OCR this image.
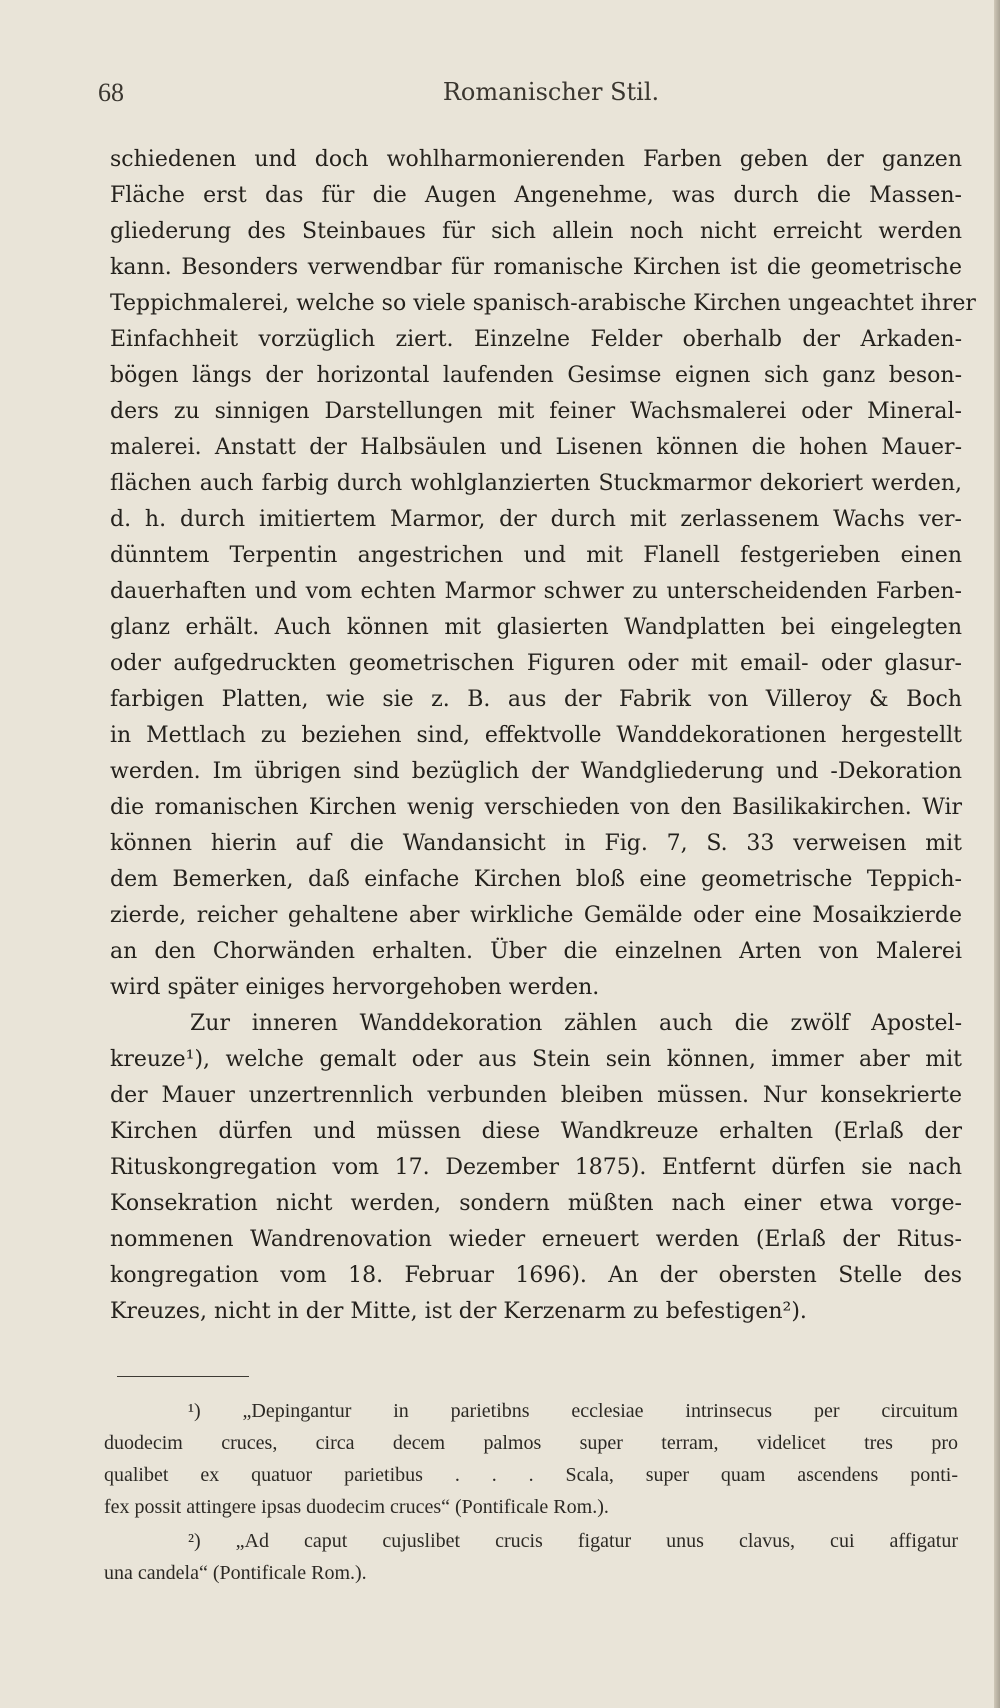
68	Romanischer Stil.
schiedenen und doch wohlharmonierenden Farben geben der ganzen
Fläche erst das für die Augen Angenehme, was durch die Massen-
gliederung des Steinbaues für sich allein noch nicht erreicht werden
kann. Besonders verwendbar für romanische Kirchen ist die geometrische
Teppichmalerei, welche so viele spanisch-arabische Kirchen ungeachtet ihrer
Einfachheit vorzüglich ziert. Einzelne Felder oberhalb der Arkaden-
bögen längs der horizontal laufenden Gesimse eignen sich ganz beson-
ders zu sinnigen Darstellungen mit feiner Wachsmalerei oder Mineral-
malerei. Anstatt der Halbsäulen und Lisenen können die hohen Mauer-
flächen auch farbig durch wohlglanzierten Stuckmarmor dekoriert werden,
d. h. durch imitiertem Marmor, der durch mit zerlassenem Wachs ver-
dünntem Terpentin angestrichen und mit Flanell festgerieben einen
dauerhaften und vom echten Marmor schwer zu unterscheidenden Farben-
glanz erhält. Auch können mit glasierten Wandplatten bei eingelegten
oder aufgedruckten geometrischen Figuren oder mit email- oder glasur-
farbigen Platten, wie sie z. B. aus der Fabrik von Villeroy & Boch
in Mettlach zu beziehen sind, effektvolle Wanddekorationen hergestellt
werden. Im übrigen sind bezüglich der Wandgliederung und -Dekoration
die romanischen Kirchen wenig verschieden von den Basilikakirchen. Wir
können hierin auf die Wandansicht in Fig. 7, S. 33 verweisen mit
dem Bemerken, daß einfache Kirchen bloß eine geometrische Teppich-
zierde, reicher gehaltene aber wirkliche Gemälde oder eine Mosaikzierde
an den Chorwänden erhalten. Über die einzelnen Arten von Malerei
wird später einiges hervorgehoben werden.
Zur inneren Wanddekoration zählen auch die zwölf Apostel-
kreuze¹), welche gemalt oder aus Stein sein können, immer aber mit
der Mauer unzertrennlich verbunden bleiben müssen. Nur konsekrierte
Kirchen dürfen und müssen diese Wandkreuze erhalten (Erlaß der
Rituskongregation vom 17. Dezember 1875). Entfernt dürfen sie nach
Konsekration nicht werden, sondern müßten nach einer etwa vorge-
nommenen Wandrenovation wieder erneuert werden (Erlaß der Ritus-
kongregation vom 18. Februar 1696). An der obersten Stelle des
Kreuzes, nicht in der Mitte, ist der Kerzenarm zu befestigen²).
¹) „Depingantur in parietibns ecclesiae intrinsecus per circuitum
duodecim cruces, circa decem palmos super terram, videlicet tres pro
qualibet ex quatuor parietibus . . . Scala, super quam ascendens ponti-
fex possit attingere ipsas duodecim cruces“ (Pontificale Rom.).
²) „Ad caput cujuslibet crucis figatur unus clavus, cui affigatur
una candela“ (Pontificale Rom.).
